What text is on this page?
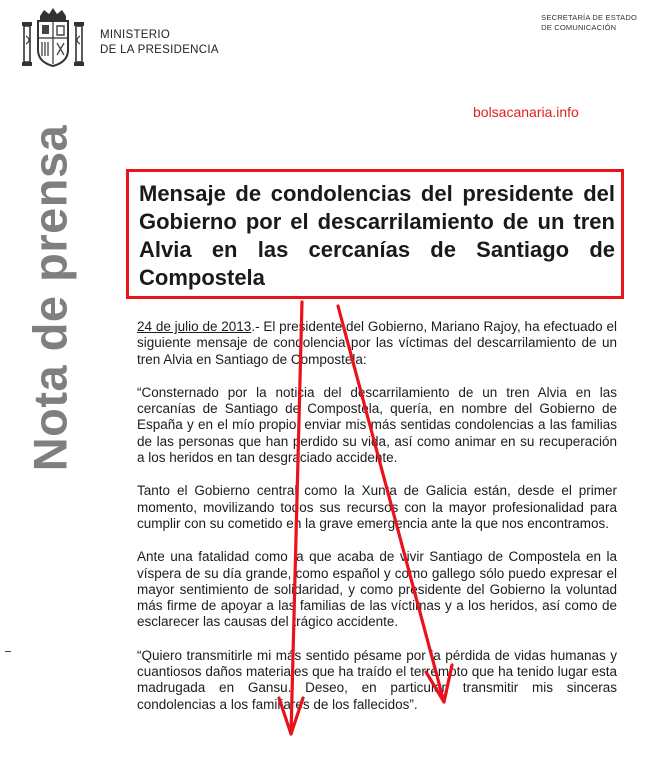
MINISTERIO
DE LA PRESIDENCIA
SECRETARÍA DE ESTADO
DE COMUNICACIÓN
bolsacanaria.info
Nota de prensa	Mensaje de condolencias del presidente del Gobierno por el descarrilamiento de un tren Alvia en las cercanías de Santiago de Compostela

24 de julio de 2013.- El presidente del Gobierno, Mariano Rajoy, ha efectuado el siguiente mensaje de condolencia por las víctimas del descarrilamiento de un tren Alvia en Santiago de Compostela:

“Consternado por la noticia del descarrilamiento de un tren Alvia en las cercanías de Santiago de Compostela, quería, en nombre del Gobierno de España y en el mío propio, enviar mis más sentidas condolencias a las familias de las personas que han perdido su vida, así como animar en su recuperación a los heridos en tan desgraciado accidente.

Tanto el Gobierno central como la Xunta de Galicia están, desde el primer momento, movilizando todos sus recursos con la mayor profesionalidad para cumplir con su cometido en la grave emergencia ante la que nos encontramos.

Ante una fatalidad como la que acaba de vivir Santiago de Compostela en la víspera de su día grande, como español y como gallego sólo puedo expresar el mayor sentimiento de solidaridad, y como presidente del Gobierno la voluntad más firme de apoyar a las familias de las víctimas y a los heridos, así como de esclarecer las causas del trágico accidente.

“Quiero transmitirle mi más sentido pésame por la pérdida de vidas humanas y cuantiosos daños materiales que ha traído el terremoto que ha tenido lugar esta madrugada en Gansu. Deseo, en particular, transmitir mis sinceras condolencias a los familiares de los fallecidos”.
